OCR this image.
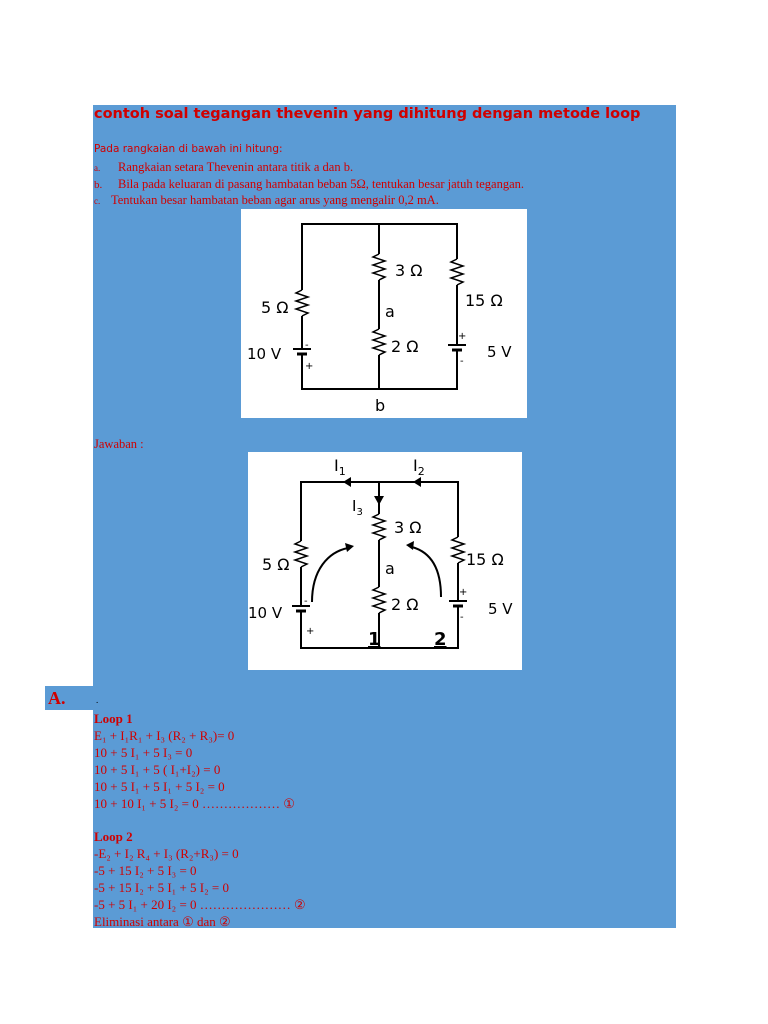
contoh soal tegangan thevenin yang dihitung dengan metode loop
Pada rangkaian di bawah ini hitung:
a. Rangkaian setara Thevenin antara titik a dan b.
b. Bila pada keluaran di pasang hambatan beban 5Ω, tentukan besar jatuh tegangan.
c. Tentukan besar hambatan beban agar arus yang mengalir 0,2 mA.
3 Ω
5 Ω	15 Ω
a
2 Ω
10 V	5 V
b
-
+
+
-
Jawaban :
$I_1$	$I_2$
$I_3$
3 Ω
5 Ω	15 Ω
a
2 Ω
10 V	5 V
-
+
+
-
1	2
A.	.
Loop 1
E₁ + I₁R₁ + I₃ (R₂ + R₃)= 0
10 + 5 I₁ + 5 I₃ = 0
10 + 5 I₁ + 5 ( I₁+I₂) = 0
10 + 5 I₁ + 5 I₁ + 5 I₂ = 0
10 + 10 I₁ + 5 I₂ = 0 ……………… ①
Loop 2
-E₂ + I₂ R₄ + I₃ (R₂+R₃) = 0
-5 + 15 I₂ + 5 I₃ = 0
-5 + 15 I₂ + 5 I₁ + 5 I₂ = 0
-5 + 5 I₁ + 20 I₂ = 0 ………………… ②
Eliminasi antara ① dan ②
